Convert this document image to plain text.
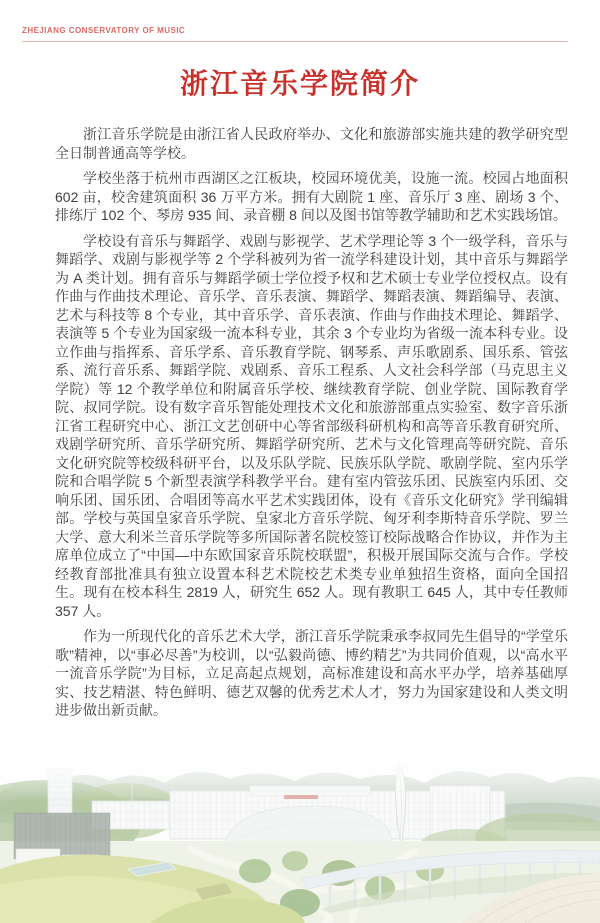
ZHEJIANG CONSERVATORY OF MUSIC
浙江音乐学院简介

浙江音乐学院是由浙江省人民政府举办、文化和旅游部实施共建的教学研究型全日制普通高等学校。

学校坐落于杭州市西湖区之江板块，校园环境优美，设施一流。校园占地面积 602 亩，校舍建筑面积 36 万平方米。拥有大剧院 1 座、音乐厅 3 座、剧场 3 个、排练厅 102 个、琴房 935 间、录音棚 8 间以及图书馆等教学辅助和艺术实践场馆。

学校设有音乐与舞蹈学、戏剧与影视学、艺术学理论等 3 个一级学科，音乐与舞蹈学、戏剧与影视学等 2 个学科被列为省一流学科建设计划，其中音乐与舞蹈学为 A 类计划。拥有音乐与舞蹈学硕士学位授予权和艺术硕士专业学位授权点。设有作曲与作曲技术理论、音乐学、音乐表演、舞蹈学、舞蹈表演、舞蹈编导、表演、艺术与科技等 8 个专业，其中音乐学、音乐表演、作曲与作曲技术理论、舞蹈学、表演等 5 个专业为国家级一流本科专业，其余 3 个专业均为省级一流本科专业。设立作曲与指挥系、音乐学系、音乐教育学院、钢琴系、声乐歌剧系、国乐系、管弦系、流行音乐系、舞蹈学院、戏剧系、音乐工程系、人文社会科学部（马克思主义学院）等 12 个教学单位和附属音乐学校、继续教育学院、创业学院、国际教育学院、叔同学院。设有数字音乐智能处理技术文化和旅游部重点实验室、数字音乐浙江省工程研究中心、浙江文艺创研中心等省部级科研机构和高等音乐教育研究所、戏剧学研究所、音乐学研究所、舞蹈学研究所、艺术与文化管理高等研究院、音乐文化研究院等校级科研平台，以及乐队学院、民族乐队学院、歌剧学院、室内乐学院和合唱学院 5 个新型表演学科教学平台。建有室内管弦乐团、民族室内乐团、交响乐团、国乐团、合唱团等高水平艺术实践团体，设有《音乐文化研究》学刊编辑部。学校与英国皇家音乐学院、皇家北方音乐学院、匈牙利李斯特音乐学院、罗兰大学、意大利米兰音乐学院等多所国际著名院校签订校际战略合作协议，并作为主席单位成立了“中国—中东欧国家音乐院校联盟”，积极开展国际交流与合作。学校经教育部批准具有独立设置本科艺术院校艺术类专业单独招生资格，面向全国招生。现有在校本科生 2819 人，研究生 652 人。现有教职工 645 人，其中专任教师 357 人。

作为一所现代化的音乐艺术大学，浙江音乐学院秉承李叔同先生倡导的“学堂乐歌”精神，以“事必尽善”为校训，以“弘毅尚德、博约精艺”为共同价值观，以“高水平一流音乐学院”为目标，立足高起点规划，高标准建设和高水平办学，培养基础厚实、技艺精湛、特色鲜明、德艺双馨的优秀艺术人才，努力为国家建设和人类文明进步做出新贡献。
